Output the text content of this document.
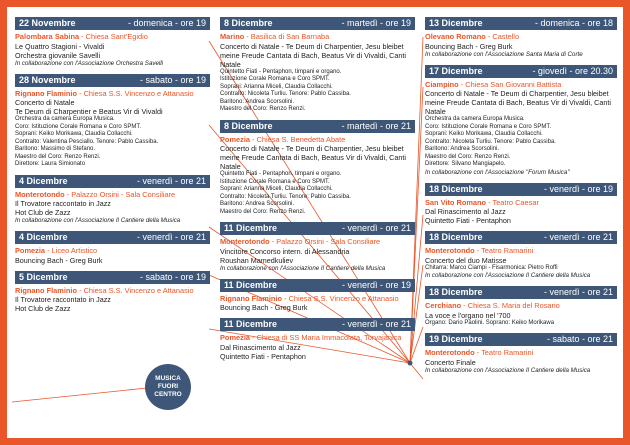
22 Novembre	- domenica - ore 19
Palombara Sabina - Chiesa Sant'Egidio
Le Quattro Stagioni - Vivaldi
Orchestra giovanile Savelli
In collaborazione con l'Associazione Orchestra Savelli
28 Novembre	- sabato - ore 19
Rignano Flaminio - Chiesa S.S. Vincenzo e Attanasio
Concerto di Natale
Te Deum di Charpentier e Beatus Vir di Vivaldi
Orchestra da camera Europa Musica.
Coro: Istituzione Corale Romana e Coro SPMT.
Soprani: Keiko Morikawa, Claudia Collacchi.
Contralto: Valentina Pesciallo. Tenore: Pablo Cassiba.
Baritono: Massimo di Stefano.
Maestro del Coro: Renzo Renzi.
Direttore: Laura Simionato
4 Dicembre	- venerdì - ore 21
Monterotondo - Palazzo Orsini - Sala Consiliare
Il Trovatore raccontato in Jazz
Hot Club de Zazz
In collaborazione con l'Associazione Il Cantiere della Musica
4 Dicembre	- venerdì - ore 21
Pomezia - Liceo Artistico
Bouncing Bach - Greg Burk
5 Dicembre	- sabato - ore 19
Rignano Flaminio - Chiesa S.S. Vincenzo e Attanasio
Il Trovatore raccontato in Jazz
Hot Club de Zazz
8 Dicembre	- martedì - ore 19
Marino - Basilica di San Barnaba
Concerto di Natale - Te Deum di Charpentier, Jesu bleibet meine Freude Cantata di Bach, Beatus Vir di Vivaldi, Canti Natale
Quintetto Fiati - Pentaphon, timpani e organo.
Istituzione Corale Romana e Coro SPMT.
Soprani: Arianna Miceli, Claudia Collacchi.
Contralto: Nicoleta Turliu. Tenore: Pablo Cassiba.
Baritono: Andrea Scorsolini.
Maestro del Coro: Renzo Renzi.
8 Dicembre	- martedì - ore 21
Pomezia - Chiesa S. Benedetta Abate
Concerto di Natale - Te Deum di Charpentier, Jesu bleibet meine Freude Cantata di Bach, Beatus Vir di Vivaldi, Canti Natale
Quintetto Fiati - Pentaphon, timpani e organo.
Istituzione Corale Romana e Coro SPMT.
Soprani: Arianna Miceli, Claudia Collacchi.
Contralto: Nicoleta Turliu. Tenore: Pablo Cassiba.
Baritono: Andrea Scorsolini.
Maestro del Coro: Renzo Renzi.
11 Dicembre	- venerdì - ore 21
Monterotondo - Palazzo Orsini - Sala Consiliare
Vincitore Concorso intern. di Alessandria
Roushan Mamedkuliev
In collaborazione con l'Associazione Il Cantiere della Musica
11 Dicembre	- venerdì - ore 19
Rignano Flaminio - Chiesa S.S. Vincenzo e Attanasio
Bouncing Bach - Greg Burk
11 Dicembre	- venerdì - ore 21
Pomezia - Chiesa di SS Maria Immacolata, Torvajanica
Dal Rinascimento al Jazz
Quintetto Fiati - Pentaphon
13 Dicembre	- domenica - ore 18
Olevano Romano - Castello
Bouncing Bach - Greg Burk
In collaborazione con l'Associazione Santa Maria di Corte
17 Dicembre	- giovedì - ore 20.30
Ciampino - Chiesa San Giovanni Battista
Concerto di Natale - Te Deum di Charpentier, Jesu bleibet meine Freude Cantata di Bach, Beatus Vir di Vivaldi, Canti Natale
Orchestra da camera Europa Musica.
Coro: Istituzione Corale Romana e Coro SPMT.
Soprani: Keiko Morikawa, Claudia Collacchi.
Contralto: Nicoleta Turliu. Tenore: Pablo Cassiba.
Baritono: Andrea Scorsolini.
Maestro del Coro: Renzo Renzi.
Direttore: Silvano Mangiapelo.
In collaborazione con l'Associazione "Forum Musica"
18 Dicembre	- venerdì - ore 19
San Vito Romano - Teatro Caesar
Dal Rinascimento al Jazz
Quintetto Fiati - Pentaphon
18 Dicembre	- venerdì - ore 21
Monterotondo - Teatro Ramarini
Concerto del duo Matisse
Chitarra: Marco Ciampi - Fisarmonica: Pietro Roffi
In collaborazione con l'Associazione Il Cantiere della Musica
18 Dicembre	- venerdì - ore 21
Cerchiano - Chiesa S. Maria del Rosario
La voce e l'organo nel '700
Organo: Dario Paolini. Soprano: Keiko Morikawa
19 Dicembre	- sabato - ore 21
Monterotondo - Teatro Ramarini
Concerto Finale
In collaborazione con l'Associazione Il Cantiere della Musica
MUSICA FUORI CENTRO
